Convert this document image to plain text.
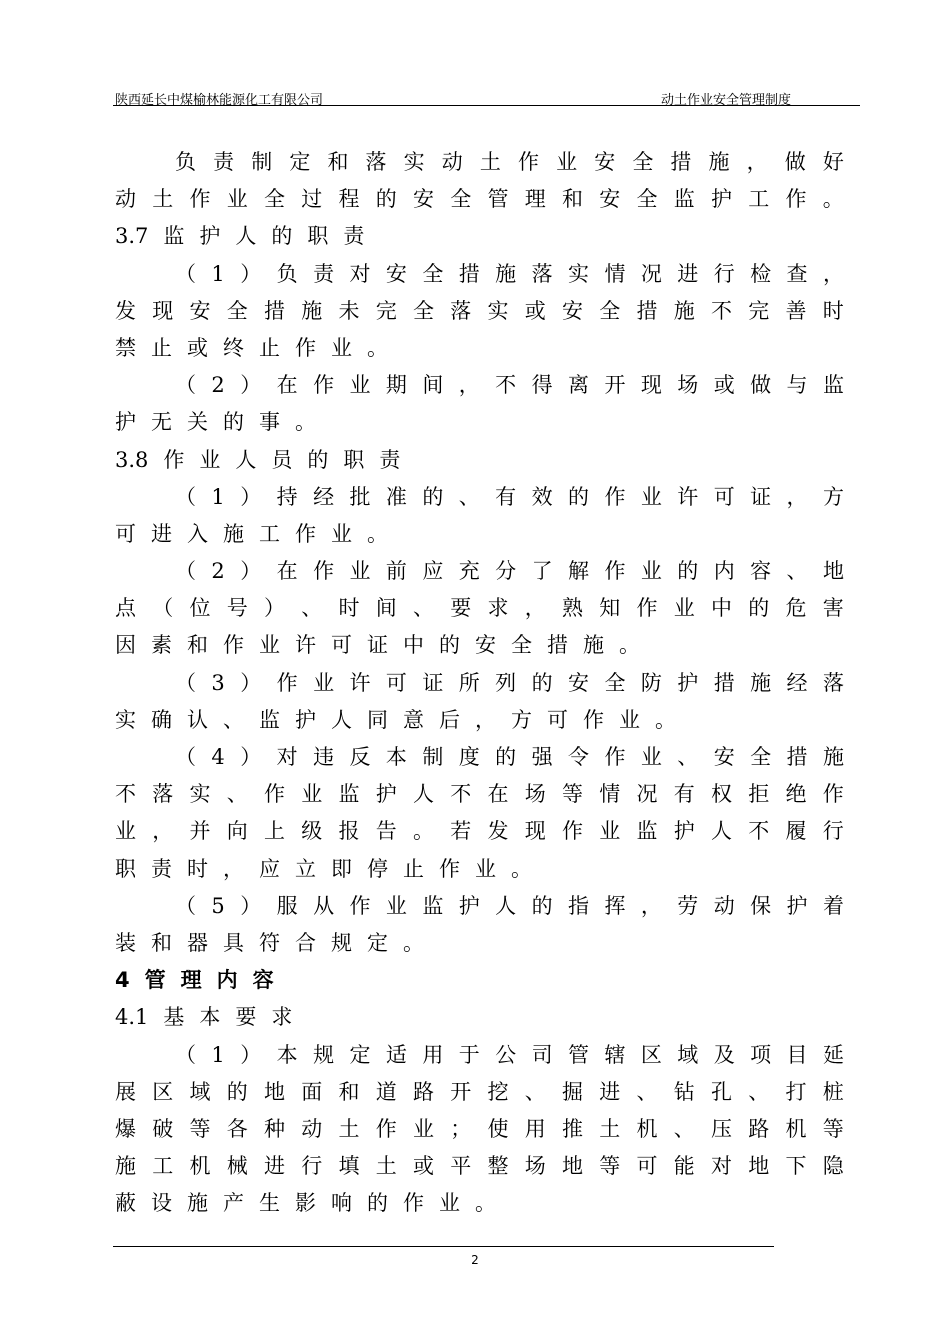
陕西延长中煤榆林能源化工有限公司	动土作业安全管理制度
负 责 制 定 和 落 实 动 土 作 业 安 全 措 施 ， 做 好
动 土 作 业 全 过 程 的 安 全 管 理 和 安 全 监 护 工 作 。
3.7 监 护 人 的 职 责
（ 1 ） 负 责 对 安 全 措 施 落 实 情 况 进 行 检 查 ，
发 现 安 全 措 施 未 完 全 落 实 或 安 全 措 施 不 完 善 时
禁 止 或 终 止 作 业 。
（ 2 ） 在 作 业 期 间 ， 不 得 离 开 现 场 或 做 与 监
护 无 关 的 事 。
3.8 作 业 人 员 的 职 责
（ 1 ） 持 经 批 准 的 、 有 效 的 作 业 许 可 证 ， 方
可 进 入 施 工 作 业 。
（ 2 ） 在 作 业 前 应 充 分 了 解 作 业 的 内 容 、 地
点 （ 位 号 ） 、 时 间 、 要 求 ， 熟 知 作 业 中 的 危 害
因 素 和 作 业 许 可 证 中 的 安 全 措 施 。
（ 3 ） 作 业 许 可 证 所 列 的 安 全 防 护 措 施 经 落
实 确 认 、 监 护 人 同 意 后 ， 方 可 作 业 。
（ 4 ） 对 违 反 本 制 度 的 强 令 作 业 、 安 全 措 施
不 落 实 、 作 业 监 护 人 不 在 场 等 情 况 有 权 拒 绝 作
业 ， 并 向 上 级 报 告 。 若 发 现 作 业 监 护 人 不 履 行
职 责 时 ， 应 立 即 停 止 作 业 。
（ 5 ） 服 从 作 业 监 护 人 的 指 挥 ， 劳 动 保 护 着
装 和 器 具 符 合 规 定 。
4 管 理 内 容
4.1 基 本 要 求
（ 1 ） 本 规 定 适 用 于 公 司 管 辖 区 域 及 项 目 延
展 区 域 的 地 面 和 道 路 开 挖 、 掘 进 、 钻 孔 、 打 桩
爆 破 等 各 种 动 土 作 业 ； 使 用 推 土 机 、 压 路 机 等
施 工 机 械 进 行 填 土 或 平 整 场 地 等 可 能 对 地 下 隐
蔽 设 施 产 生 影 响 的 作 业 。
2
